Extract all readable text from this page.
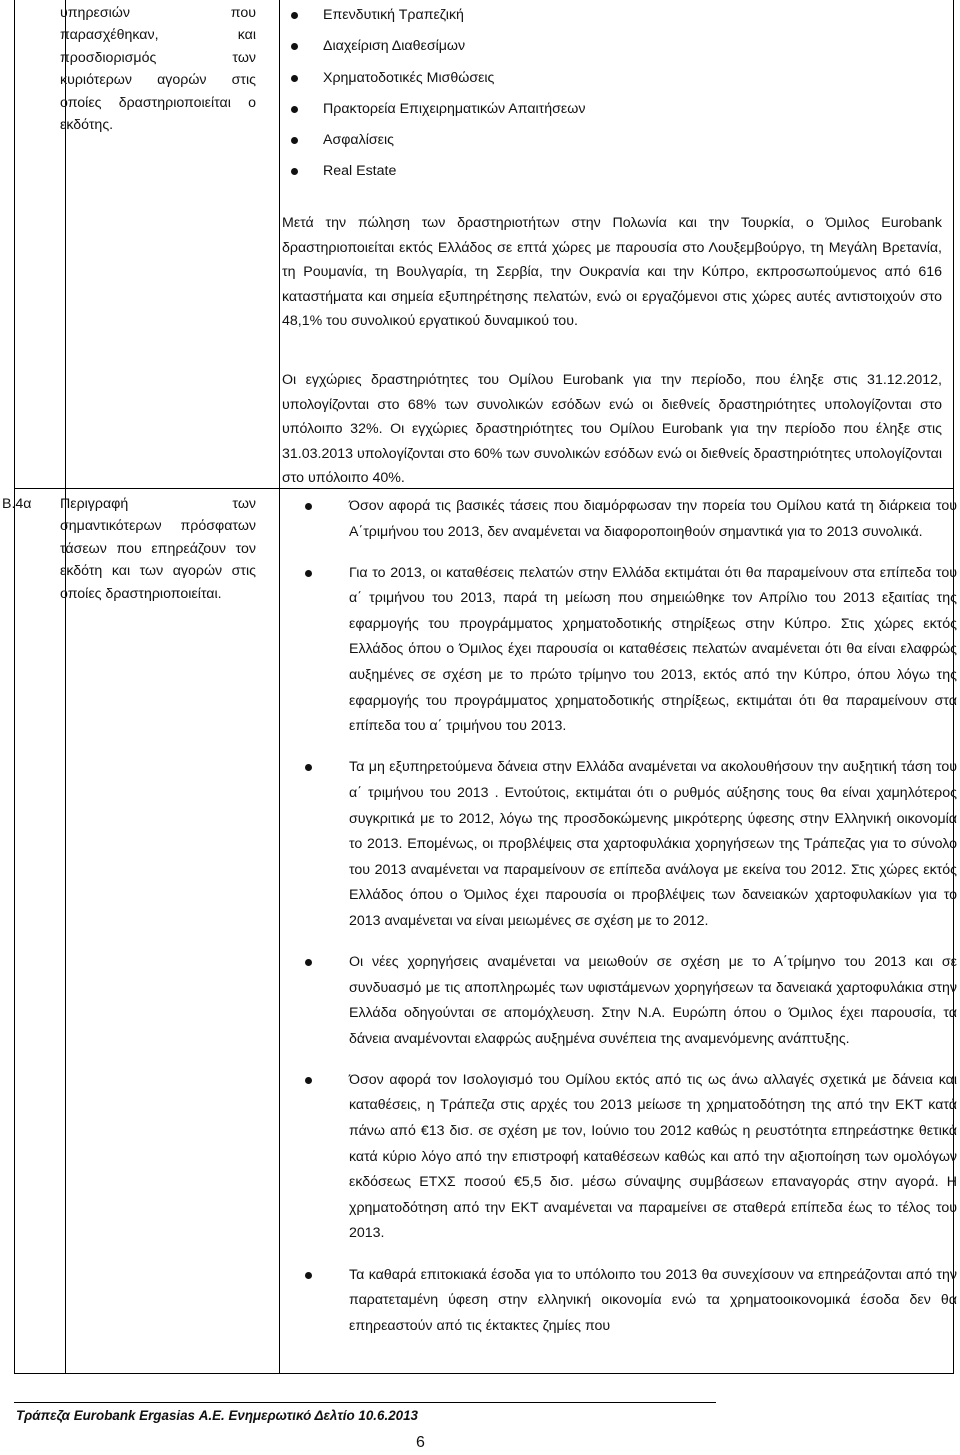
υπηρεσιών που παρασχέθηκαν, και προσδιορισμός των κυριότερων αγορών στις οποίες δραστηριοποιείται ο εκδότης.
Επενδυτική Τραπεζική
Διαχείριση Διαθεσίμων
Χρηματοδοτικές Μισθώσεις
Πρακτορεία Επιχειρηματικών Απαιτήσεων
Ασφαλίσεις
Real Estate
Μετά την πώληση των δραστηριοτήτων στην Πολωνία και την Τουρκία, ο Όμιλος Eurobank δραστηριοποιείται εκτός Ελλάδος σε επτά χώρες με παρουσία στο Λουξεμβούργο, τη Μεγάλη Βρετανία, τη Ρουμανία, τη Βουλγαρία, τη Σερβία, την Ουκρανία και την Κύπρο, εκπροσωπούμενος από 616 καταστήματα και σημεία εξυπηρέτησης πελατών, ενώ οι εργαζόμενοι στις χώρες αυτές αντιστοιχούν στο 48,1% του συνολικού εργατικού δυναμικού του.
Οι εγχώριες δραστηριότητες του Ομίλου Eurobank για την περίοδο, που έληξε στις 31.12.2012, υπολογίζονται στο 68% των συνολικών εσόδων ενώ οι διεθνείς δραστηριότητες υπολογίζονται στο υπόλοιπο 32%. Οι εγχώριες δραστηριότητες του Ομίλου Eurobank για την περίοδο που έληξε στις 31.03.2013 υπολογίζονται στο 60% των συνολικών εσόδων ενώ οι διεθνείς δραστηριότητες υπολογίζονται στο υπόλοιπο 40%.
B.4α	Περιγραφή των σημαντικότερων πρόσφατων τάσεων που επηρεάζουν τον εκδότη και των αγορών στις οποίες δραστηριοποιείται.
Όσον αφορά τις βασικές τάσεις που διαμόρφωσαν την πορεία του Ομίλου κατά τη διάρκεια του Α΄τριμήνου του 2013, δεν αναμένεται να διαφοροποιηθούν σημαντικά για το 2013 συνολικά.
Για το 2013, οι καταθέσεις πελατών στην Ελλάδα εκτιμάται ότι θα παραμείνουν στα επίπεδα του α΄ τριμήνου του 2013, παρά τη μείωση που σημειώθηκε τον Απρίλιο του 2013 εξαιτίας της εφαρμογής του προγράμματος χρηματοδοτικής στηρίξεως στην Κύπρο. Στις χώρες εκτός Ελλάδος όπου ο Όμιλος έχει παρουσία οι καταθέσεις πελατών αναμένεται ότι θα είναι ελαφρώς αυξημένες σε σχέση με το πρώτο τρίμηνο του 2013, εκτός από την Κύπρο, όπου λόγω της εφαρμογής του προγράμματος χρηματοδοτικής στηρίξεως, εκτιμάται ότι θα παραμείνουν στα επίπεδα του α΄ τριμήνου του 2013.
Τα μη εξυπηρετούμενα δάνεια στην Ελλάδα αναμένεται να ακολουθήσουν την αυξητική τάση του α΄ τριμήνου του 2013 . Εντούτοις, εκτιμάται ότι ο ρυθμός αύξησης τους θα είναι χαμηλότερος συγκριτικά με το 2012, λόγω της προσδοκώμενης μικρότερης ύφεσης στην Ελληνική οικονομία το 2013. Επομένως, οι προβλέψεις στα χαρτοφυλάκια χορηγήσεων της Τράπεζας για το σύνολο του 2013 αναμένεται να παραμείνουν σε επίπεδα ανάλογα με εκείνα του 2012. Στις χώρες εκτός Ελλάδος όπου ο Όμιλος έχει παρουσία οι προβλέψεις των δανειακών χαρτοφυλακίων για το 2013 αναμένεται να είναι μειωμένες σε σχέση με το 2012.
Οι νέες χορηγήσεις αναμένεται να μειωθούν σε σχέση με το Α΄τρίμηνο του 2013 και σε συνδυασμό με τις αποπληρωμές των υφιστάμενων χορηγήσεων τα δανειακά χαρτοφυλάκια στην Ελλάδα οδηγούνται σε απομόχλευση. Στην Ν.Α. Ευρώπη όπου ο Όμιλος έχει παρουσία, τα δάνεια αναμένονται ελαφρώς αυξημένα συνέπεια της αναμενόμενης ανάπτυξης.
Όσον αφορά τον Ισολογισμό του Ομίλου εκτός από τις ως άνω αλλαγές σχετικά με δάνεια και καταθέσεις, η Τράπεζα στις αρχές του 2013 μείωσε τη χρηματοδότηση της από την ΕΚΤ κατά πάνω από €13 δισ. σε σχέση με τον, Ιούνιο του 2012 καθώς η ρευστότητα επηρεάστηκε θετικά κατά κύριο λόγο από την επιστροφή καταθέσεων καθώς και από την αξιοποίηση των ομολόγων εκδόσεως ΕΤΧΣ ποσού €5,5 δισ. μέσω σύναψης συμβάσεων επαναγοράς στην αγορά. Η χρηματοδότηση από την ΕΚΤ αναμένεται να παραμείνει σε σταθερά επίπεδα έως το τέλος του 2013.
Τα καθαρά επιτοκιακά έσοδα για το υπόλοιπο του 2013 θα συνεχίσουν να επηρεάζονται από την παρατεταμένη ύφεση στην ελληνική οικονομία ενώ τα χρηματοοικονομικά έσοδα δεν θα επηρεαστούν από τις έκτακτες ζημίες που
Τράπεζα Eurobank Ergasias Α.Ε. Ενημερωτικό Δελτίο 10.6.2013
6
